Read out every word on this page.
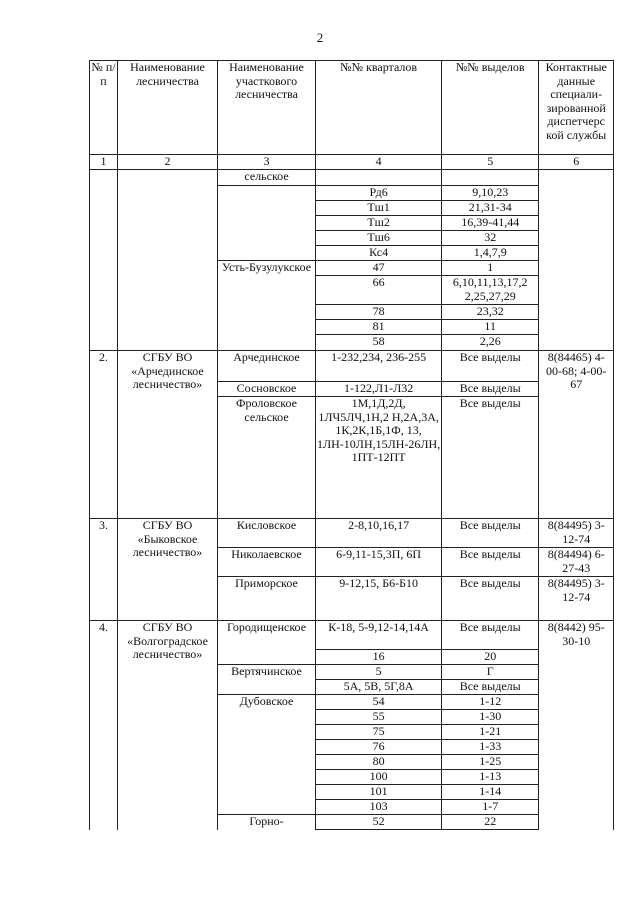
2
№ п/п	Наименование лесничества	Наименование участкового лесничества	№№ кварталов	№№ выделов	Контактные данные специали-зированной диспетчерс кой службы
1	2	3	4	5	6
		сельское			
			Рд6	9,10,23	
			Тш1	21,31-34	
			Тш2	16,39-41,44	
			Тш6	32	
			Кс4	1,4,7,9	
		Усть-Бузулукское	47	1	
			66	6,10,11,13,17,2 2,25,27,29	
			78	23,32	
			81	11	
			58	2,26	
2.	СГБУ ВО «Арчединское лесничество»	Арчединское	1-232,234, 236-255	Все выделы	8(84465) 4-00-68; 4-00-67
		Сосновское	1-122,Л1-Л32	Все выделы	
		Фроловское сельское	1М,1Д,2Д, 1ЛЧ5ЛЧ,1Н,2 Н,2А,3А, 1К,2К,1Б,1Ф, 13, 1ЛН-10ЛН,15ЛН-26ЛН, 1ПТ-12ПТ	Все выделы	
3.	СГБУ ВО «Быковское лесничество»	Кисловское	2-8,10,16,17	Все выделы	8(84495) 3-12-74
		Николаевское	6-9,11-15,3П, 6П	Все выделы	8(84494) 6-27-43
		Приморское	9-12,15, Б6-Б10	Все выделы	8(84495) 3-12-74
4.	СГБУ ВО «Волгоградское лесничество»	Городищенское	К-18, 5-9,12-14,14А	Все выделы	8(8442) 95-30-10
			16	20	
		Вертячинское	5	Г	
			5А, 5В, 5Г,8А	Все выделы	
		Дубовское	54	1-12	
			55	1-30	
			75	1-21	
			76	1-33	
			80	1-25	
			100	1-13	
			101	1-14	
			103	1-7	
		Горно-	52	22	
